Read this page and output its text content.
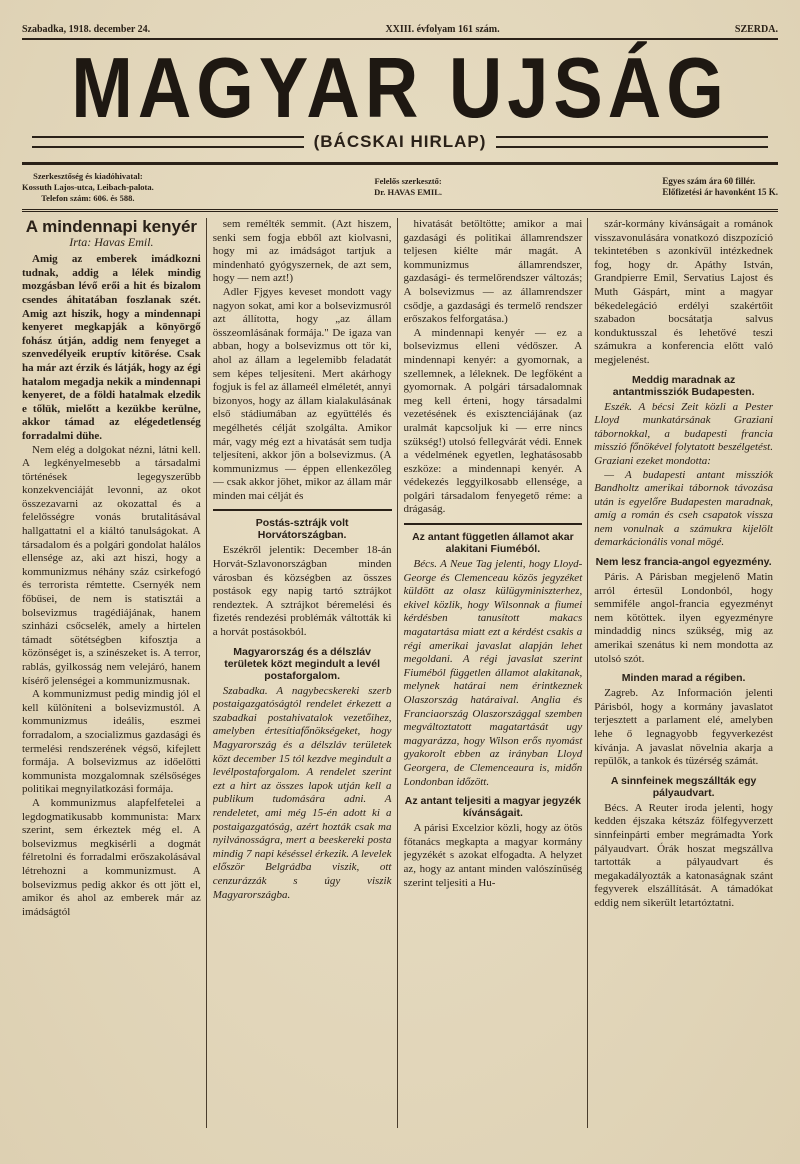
Szabadka, 1918. december 24.	XXIII. évfolyam 161 szám.	SZERDA.
MAGYAR UJSÁG
(BÁCSKAI HIRLAP)
Szerkesztőség és kiadóhivatal:
Kossuth Lajos-utca, Leibach-palota.
Telefon szám: 606. és 588.
Felelős szerkesztő:
Dr. HAVAS EMIL.
Egyes szám ára 60 fillér.
Előfizetési ár havonként 15 K.
A mindennapi kenyér
Irta: Havas Emil.

Amig az emberek imádkozni tudnak, addig a lélek mindig mozgásban lévő erői a hit és bizalom csendes áhitatában foszlanak szét. Amig azt hiszik, hogy a mindennapi kenyeret megkapják a könyörgő fohász útján, addig nem fenyeget a szenvedélyeik eruptív kitörése. Csak ha már azt érzik és látják, hogy az égi hatalom megadja nekik a mindennapi kenyeret, de a földi hatalmak elzedik e tőlük, mielőtt a kezükbe kerülne, akkor támad az elégedetlenség forradalmi dühe.

Nem elég a dolgokat nézni, látni kell. A legkényelmesebb a társadalmi történések legegyszerűbb konzekvenciáját levonni, az okot összezavarni az okozattal és a felelősségre vonás brutalitásával hallgattatni el a kiáltó tanulságokat. A társadalom és a polgári gondolat halálos ellensége az, aki azt hiszi, hogy a kommunizmus néhány száz csirkefogó és terrorista rémtette. Csernyék nem főbűsei, de nem is statisztái a bolsevizmus tragédiájának, hanem szinházi csőcselék, amely a hirtelen támadt sötétségben kifosztja a közönséget is, a szinészeket is. A terror, rablás, gyilkosság nem velejáró, hanem kísérő jelenségei a kommunizmusnak.

A kommunizmust pedig mindig jól el kell különíteni a bolsevizmustól. A kommunizmus ideális, eszmei forradalom, a szocializmus gazdasági és termelési rendszerének végső, kifejlett formája. A bolsevizmus az időelőtti kommunista mozgalomnak szélsőséges politikai megnyilatkozási formája.

A kommunizmus alapfelfetelei a legdogmatikusabb kommunista: Marx szerint, sem érkeztek még el. A bolsevizmus megkisérli a dogmát félretolni és forradalmi erőszakolásával létrehozni a kommunizmust. A bolsevizmus pedig akkor és ott jött el, amikor és ahol az emberek már az imádságtól

sem remélték semmit. (Azt hiszem, senki sem fogja ebből azt kiolvasni, hogy mi az imádságot tartjuk a mindenható gyógyszernek, de azt sem, hogy — nem azt!)

Adler Fjgyes keveset mondott vagy nagyon sokat, ami kor a bolsevizmusról azt állította, hogy „az állam összeomlásának formája." De igaza van abban, hogy a bolsevizmus ott tör ki, ahol az állam a legelemibb feladatát sem képes teljesíteni. Mert akárhogy fogjuk is fel az állameél elméletét, annyi bizonyos, hogy az állam kialakulásának első stádiumában az együttélés és megélhetés célját szolgálta. Amikor már, vagy még ezt a hivatását sem tudja teljesíteni, akkor jön a bolsevizmus. (A kommunizmus — éppen ellenkezőleg — csak akkor jöhet, mikor az állam már minden mai célját és

Postás-sztrájk volt Horvátországban.

Eszékről jelentik: December 18-án Horvát-Szlavonországban minden városban és községben az összes postások egy napig tartó sztrájkot rendeztek. A sztrájkot béremelési és fizetés rendezési problémák váltották ki a horvát postásokból.

Magyarország és a délszláv területek közt megindult a levél postaforgalom.

Szabadka. A nagybecskereki szerb postaigazgatóságtól rendelet érkezett a szabadkai postahivatalok vezetőihez, amelyben értesítiafőnökségeket, hogy Magyarország és a délszláv területek közt december 15 tól kezdve megindult a levélpostaforgalom. A rendelet szerint ezt a hirt az összes lapok utján kell a publikum tudomására adni. A rendeletet, ami még 15-én adott ki a postaigazgatóság, azért hozták csak ma nyilvánosságra, mert a beeskereki posta mindig 7 napi késéssel érkezik. A levelek először Belgrádba viszik, ott cenzurázzák s úgy viszik Magyarországba.

hivatását betöltötte; amikor a mai gazdasági és politikai államrendszer teljesen kiélte már magát. A kommunizmus államrendszer, gazdasági- és termelőrendszer változás; A bolsevizmus — az államrendszer csődje, a gazdasági és termelő rendszer erőszakos felforgatása.)

A mindennapi kenyér — ez a bolsevizmus elleni védőszer. A mindennapi kenyér: a gyomornak, a szellemnek, a léleknek. De legfőként a gyomornak. A polgári társadalomnak meg kell érteni, hogy társadalmi vezetésének és exisztenciájának (az uralmát kapcsoljuk ki — erre nincs szükség!) utolsó fellegvárát védi. Ennek a védelmének egyetlen, leghatásosabb eszköze: a mindennapi kenyér. A védekezés leggyilkosabb ellensége, a polgári társadalom fenyegető réme: a drágaság.

Az antant független államot akar alakitani Fiuméból.

Bécs. A Neue Tag jelenti, hogy Lloyd-George és Clemenceau közös jegyzéket küldött az olasz külügyminiszterhez, ekivel közlik, hogy Wilsonnak a fiumei kérdésben tanusított makacs magatartása miatt ezt a kérdést csakis a régi amerikai javaslat alapján lehet megoldani. A régi javaslat szerint Fiuméból független államot alakitanak, melynek határai nem érintkeznek Olaszország határaival. Anglia és Franciaország Olaszországgal szemben megváltoztatott magatartását ugy magyarázza, hogy Wilson erős nyomást gyakorolt ebben az irányban Lloyd Georgera, de Clemenceaura is, midőn Londonban időzött.

Az antant teljesiti a magyar jegyzék kívánságait.

A párisi Excelzior közli, hogy az ötös főtanács megkapta a magyar kormány jegyzékét s azokat elfogadta. A helyzet az, hogy az antant minden valószínűség szerint teljesiti a Hu-

szár-kormány kívánságait a románok visszavonulására vonatkozó diszpozíció tekintetében s azonkívül intézkednek fog, hogy dr. Apáthy István, Grandpierre Emil, Servatius Lajost és Muth Gáspárt, mint a magyar békedelegáció erdélyi szakértőit szabadon bocsátatja salvus konduktusszal és lehetővé teszi számukra a konferencia előtt való megjelenést.

Meddig maradnak az antantmissziók Budapesten.

Eszék. A bécsi Zeit közli a Pester Lloyd munkatársának Graziani tábornokkal, a budapesti francia misszió főnökével folytatott beszélgetést. Graziani ezeket mondotta:

— A budapesti antant missziók Bandholtz amerikai tábornok távozása után is egyelőre Budapesten maradnak, amíg a román és cseh csapatok vissza nem vonulnak a számukra kijelölt demarkácionális vonal mögé.

Nem lesz francia-angol egyezmény.

Páris. A Párisban megjelenő Matin arról értesül Londonból, hogy semmiféle angol-francia egyezményt nem kötöttek. ilyen egyezményre mindaddig nincs szükség, mig az amerikai szenátus ki nem mondotta az utolsó szót.

Minden marad a régiben.

Zagreb. Az Información jelenti Párisból, hogy a kormány javaslatot terjesztett a parlament elé, amelyben lehe ő legnagyobb fegyverkezést kívánja. A javaslat növelnia akarja a repülők, a tankok és tüzérség számát.

A sinnfeinek megszállták egy pályaudvart.

Bécs. A Reuter iroda jelenti, hogy kedden éjszaka kétszáz fölfegyverzett sinnfeinpárti ember megrámadta York pályaudvart. Órák hoszat megszállva tartották a pályaudvart és megakadályozták a katonaságnak szánt fegyverek elszállítását. A támadókat eddig nem sikerült letartóztatni.
